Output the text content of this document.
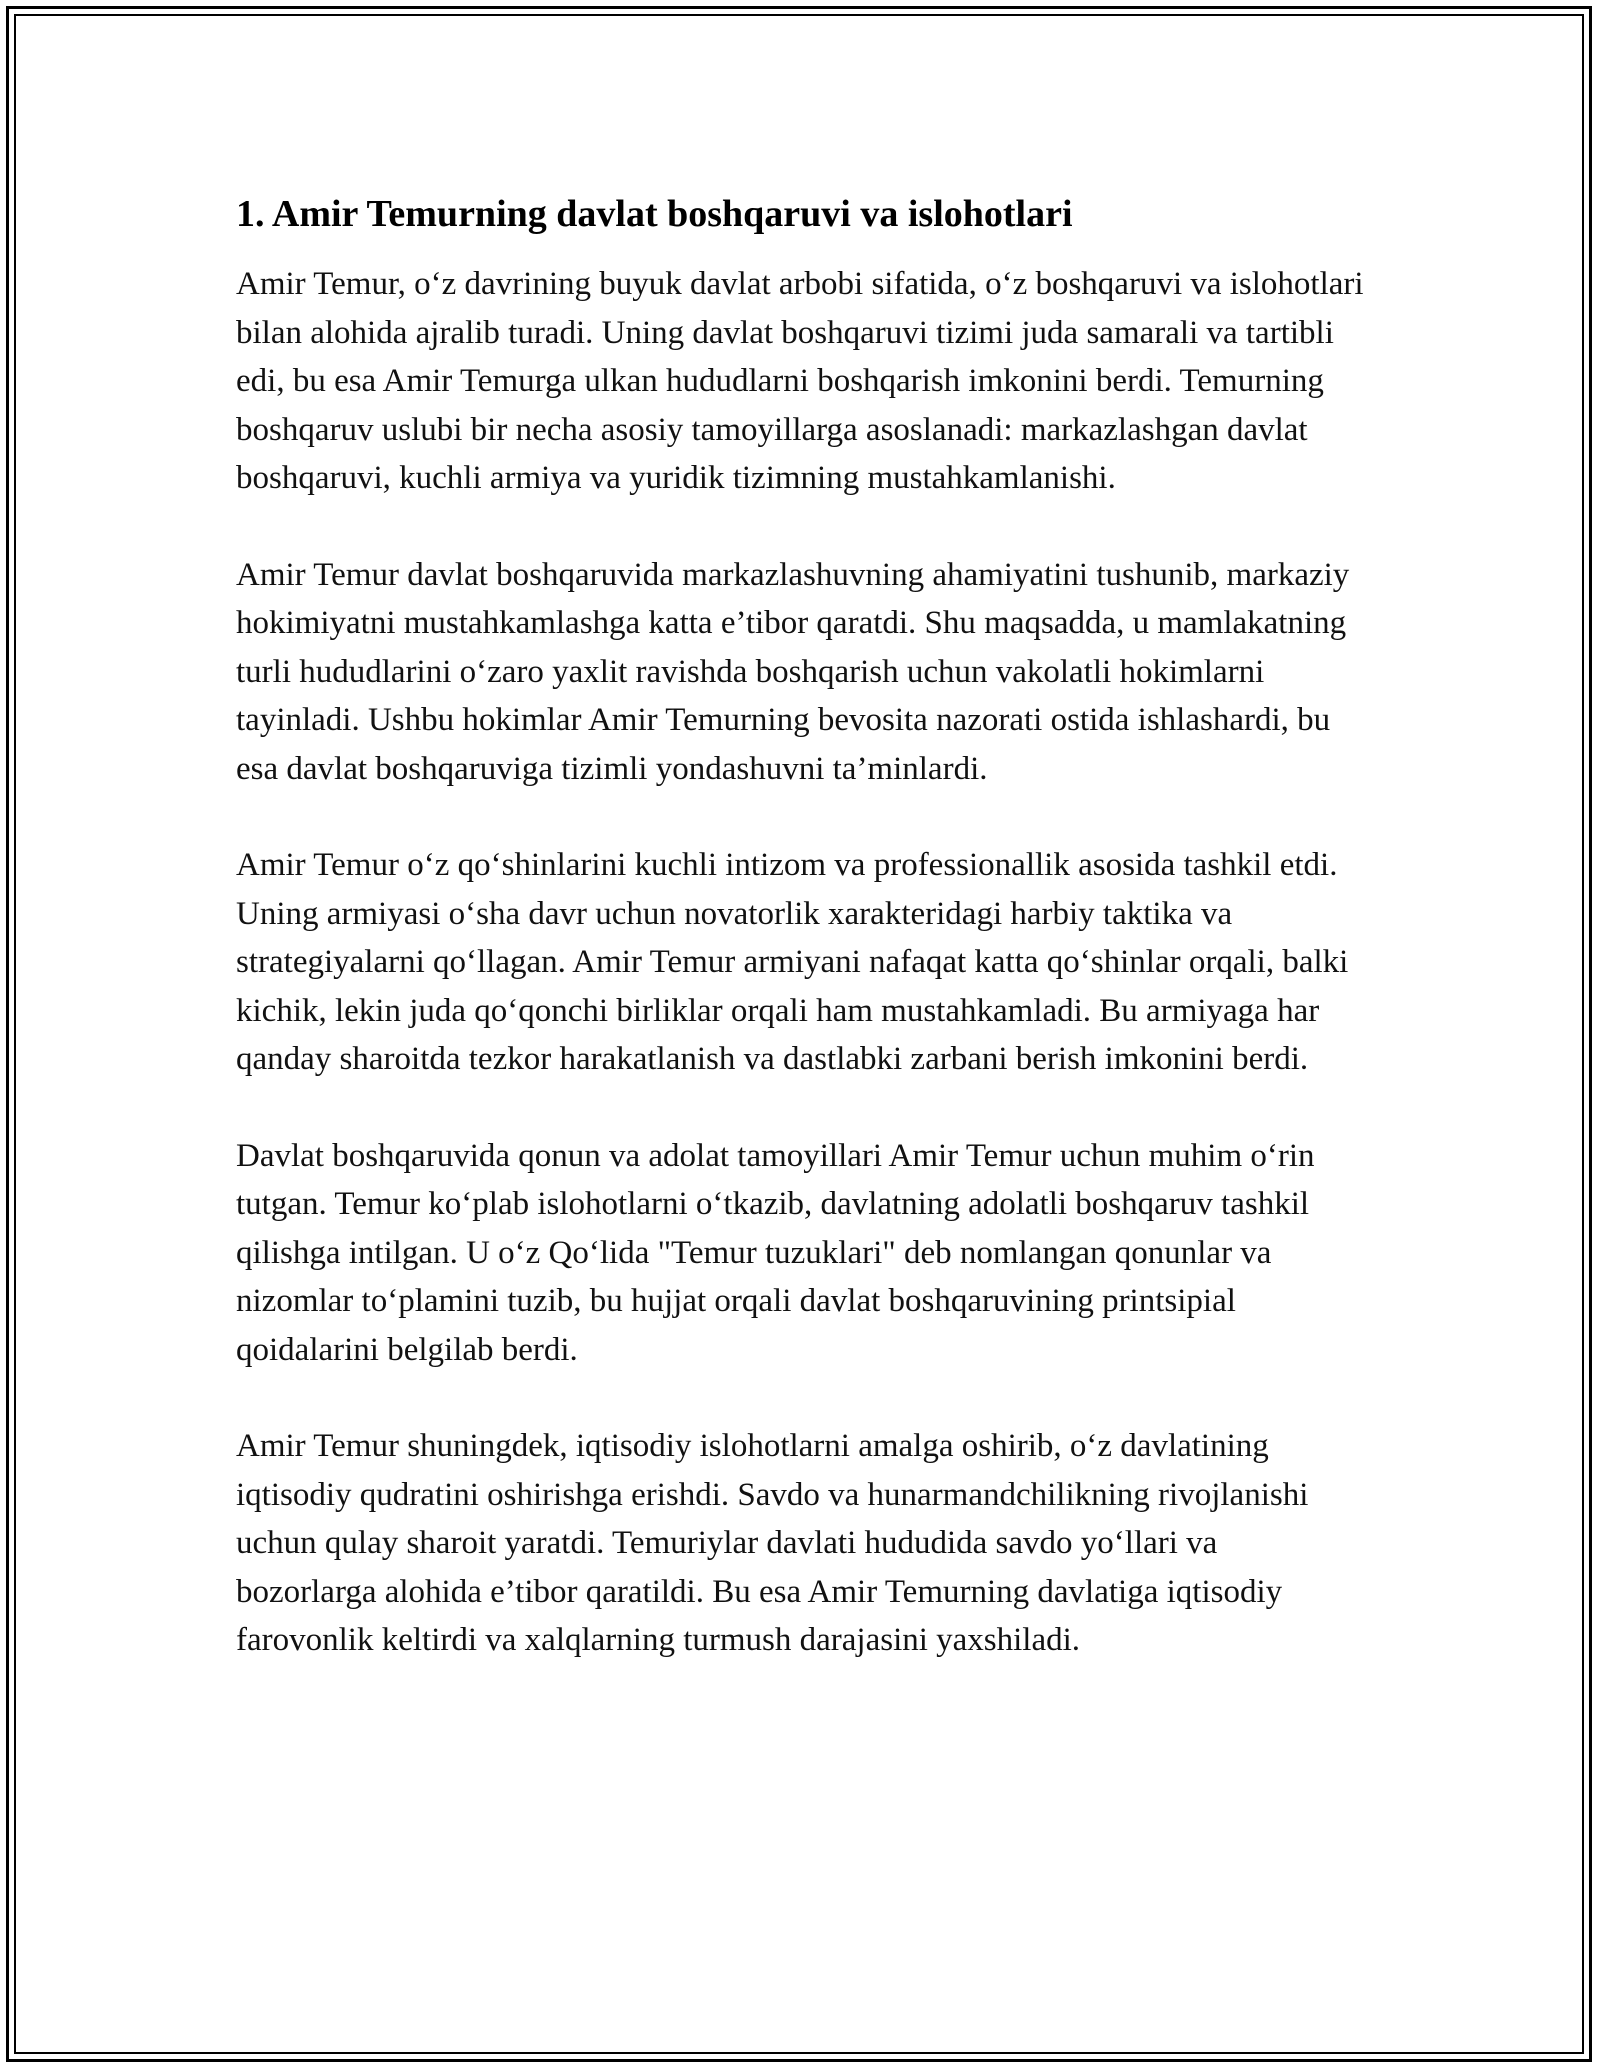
1. Amir Temurning davlat boshqaruvi va islohotlari

Amir Temur, o‘z davrining buyuk davlat arbobi sifatida, o‘z boshqaruvi va islohotlari bilan alohida ajralib turadi. Uning davlat boshqaruvi tizimi juda samarali va tartibli edi, bu esa Amir Temurga ulkan hududlarni boshqarish imkonini berdi. Temurning boshqaruv uslubi bir necha asosiy tamoyillarga asoslanadi: markazlashgan davlat boshqaruvi, kuchli armiya va yuridik tizimning mustahkamlanishi.

Amir Temur davlat boshqaruvida markazlashuvning ahamiyatini tushunib, markaziy hokimiyatni mustahkamlashga katta e’tibor qaratdi. Shu maqsadda, u mamlakatning turli hududlarini o‘zaro yaxlit ravishda boshqarish uchun vakolatli hokimlarni tayinladi. Ushbu hokimlar Amir Temurning bevosita nazorati ostida ishlashardi, bu esa davlat boshqaruviga tizimli yondashuvni ta’minlardi.

Amir Temur o‘z qo‘shinlarini kuchli intizom va professionallik asosida tashkil etdi. Uning armiyasi o‘sha davr uchun novatorlik xarakteridagi harbiy taktika va strategiyalarni qo‘llagan. Amir Temur armiyani nafaqat katta qo‘shinlar orqali, balki kichik, lekin juda qo‘qonchi birliklar orqali ham mustahkamladi. Bu armiyaga har qanday sharoitda tezkor harakatlanish va dastlabki zarbani berish imkonini berdi.

Davlat boshqaruvida qonun va adolat tamoyillari Amir Temur uchun muhim o‘rin tutgan. Temur ko‘plab islohotlarni o‘tkazib, davlatning adolatli boshqaruv tashkil qilishga intilgan. U o‘z Qo‘lida "Temur tuzuklari" deb nomlangan qonunlar va nizomlar to‘plamini tuzib, bu hujjat orqali davlat boshqaruvining printsipial qoidalarini belgilab berdi.

Amir Temur shuningdek, iqtisodiy islohotlarni amalga oshirib, o‘z davlatining iqtisodiy qudratini oshirishga erishdi. Savdo va hunarmandchilikning rivojlanishi uchun qulay sharoit yaratdi. Temuriylar davlati hududida savdo yo‘llari va bozorlarga alohida e’tibor qaratildi. Bu esa Amir Temurning davlatiga iqtisodiy farovonlik keltirdi va xalqlarning turmush darajasini yaxshiladi.
